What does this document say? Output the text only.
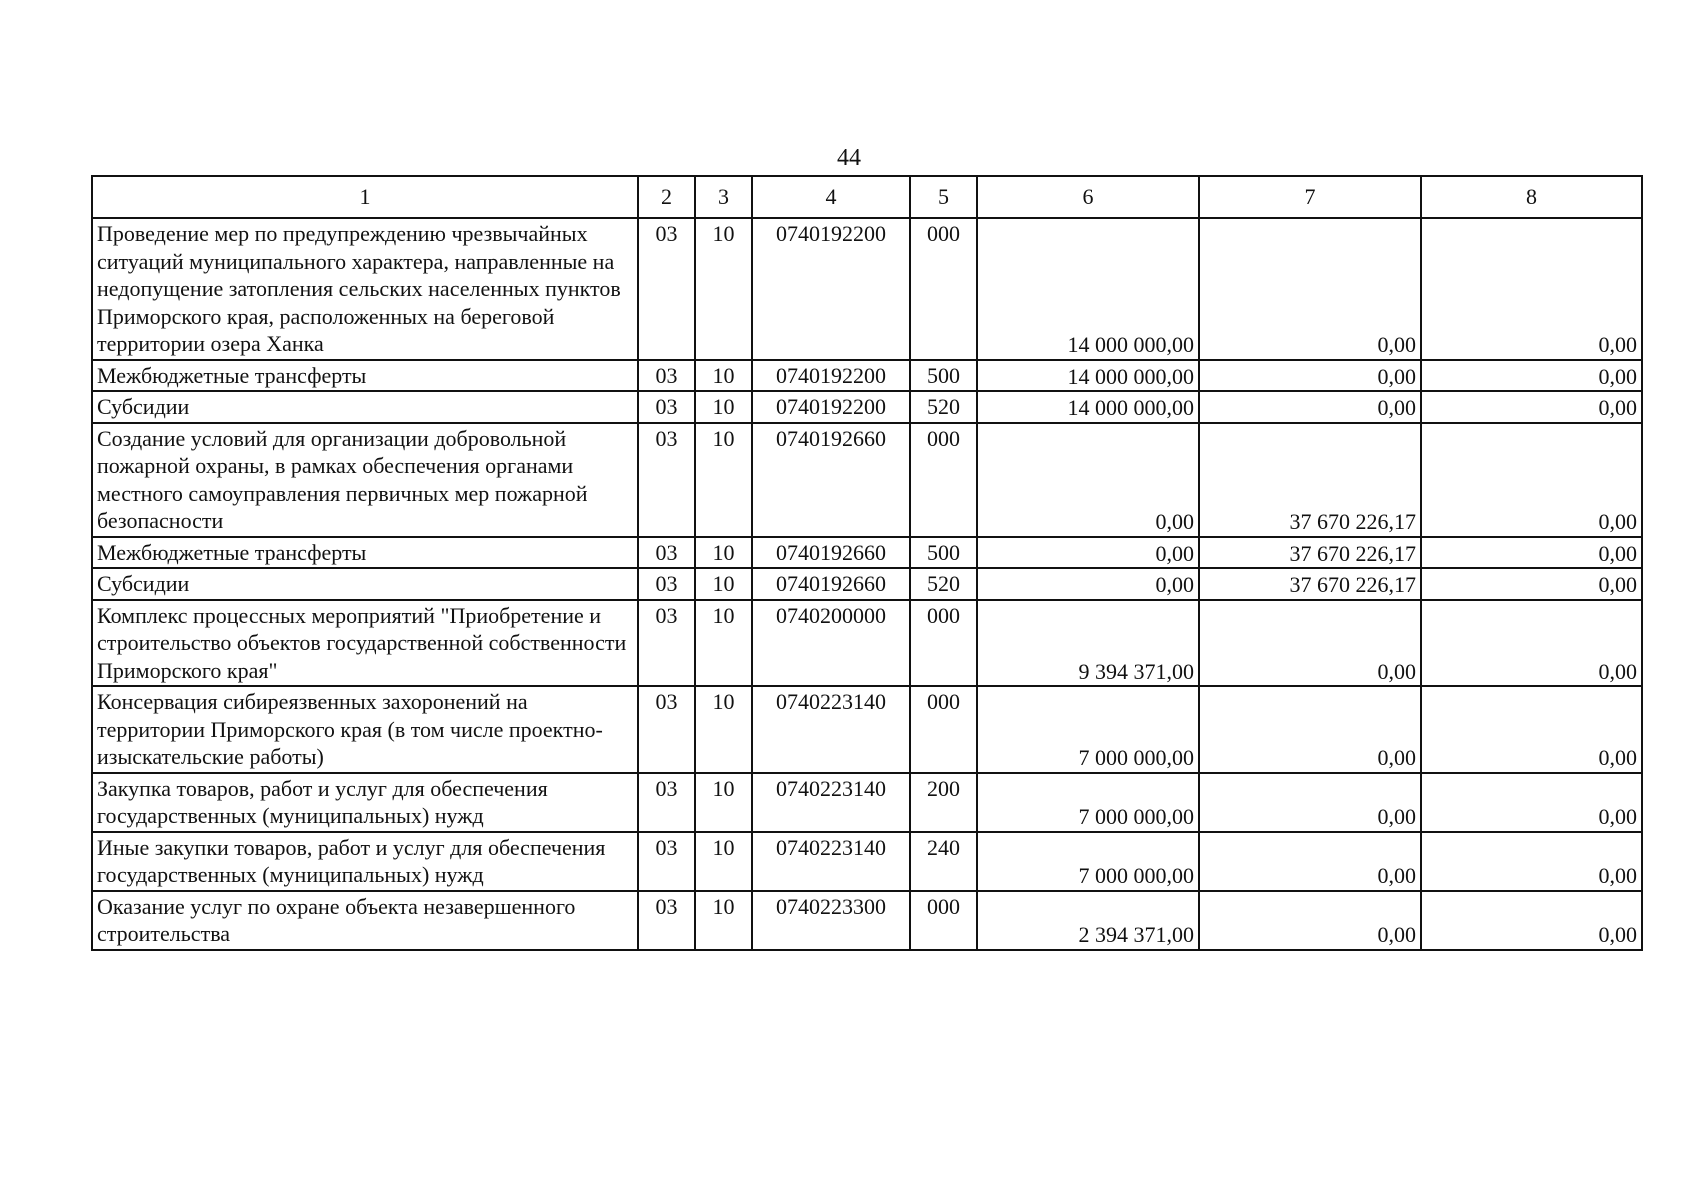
44
1	2	3	4	5	6	7	8
Проведение мер по предупреждению чрезвычайных ситуаций муниципального характера, направленные на недопущение затопления сельских населенных пунктов Приморского края, расположенных на береговой территории озера Ханка	03	10	0740192200	000	14 000 000,00	0,00	0,00
Межбюджетные трансферты	03	10	0740192200	500	14 000 000,00	0,00	0,00
Субсидии	03	10	0740192200	520	14 000 000,00	0,00	0,00
Создание условий для организации добровольной пожарной охраны, в рамках обеспечения органами местного самоуправления первичных мер пожарной безопасности	03	10	0740192660	000	0,00	37 670 226,17	0,00
Межбюджетные трансферты	03	10	0740192660	500	0,00	37 670 226,17	0,00
Субсидии	03	10	0740192660	520	0,00	37 670 226,17	0,00
Комплекс процессных мероприятий "Приобретение и строительство объектов государственной собственности Приморского края"	03	10	0740200000	000	9 394 371,00	0,00	0,00
Консервация сибиреязвенных захоронений на территории Приморского края (в том числе проектно-изыскательские работы)	03	10	0740223140	000	7 000 000,00	0,00	0,00
Закупка товаров, работ и услуг для обеспечения государственных (муниципальных) нужд	03	10	0740223140	200	7 000 000,00	0,00	0,00
Иные закупки товаров, работ и услуг для обеспечения государственных (муниципальных) нужд	03	10	0740223140	240	7 000 000,00	0,00	0,00
Оказание услуг по охране объекта незавершенного строительства	03	10	0740223300	000	2 394 371,00	0,00	0,00
